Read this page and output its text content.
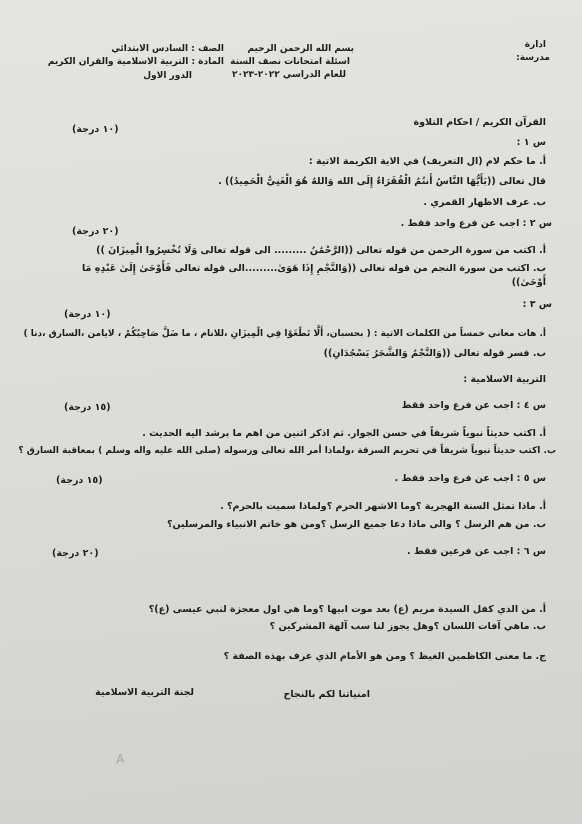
ادارة
مدرسة:
بسم الله الرحمن الرحيم
اسئلة امتحانات نصف السنة
للعام الدراسي ٢٠٢٢-٢٠٢٣
الصف : السادس الابتدائي
المادة : التربية الاسلامية والقران الكريم
الدور الاول
القرآن الكريم / احكام التلاوة
(١٠ درجة)
س ١ :
أ. ما حكم لام (ال التعريف) في الاية الكريمة الاتية :
قال تعالى ((يَأَيُّهَا النَّاسُ أَنتُمُ الْفُقَرَاءُ إِلَى الله وَاللهُ هُوَ الْغَنِيُّ الْحَمِيدُ)) .
ب. عرف الاظهار القمري .
س ٢ : اجب عن فرع واحد فقط .
(٢٠ درجة)
أ. اكتب من سورة الرحمن من قوله تعالى ((الرَّحْمَٰنُ ......... الى قوله تعالى وَلَا تُخْسِرُوا الْمِيزَانَ ))
ب. اكتب من سورة النجم من قوله تعالى ((وَالنَّجْمِ إِذَا هَوَىٰ.........الى قوله تعالى فَأَوْحَىٰ إِلَىٰ عَبْدِهِ مَا
أَوْحَىٰ))
س ٣ :
(١٠ درجة)
أ. هات معاني خمساً من الكلمات الاتية : ( بحسبان، أَلَّا تَطْغَوْا فِي الْمِيزَانِ ،للانام ، ما ضَلَّ صَاحِبُكُمْ ، لايامن ،السارق ،دنا )
ب. فسر قوله تعالى ((وَالنَّجْمُ وَالشَّجَرُ يَسْجُدَانِ))
التربية الاسلامية :
س ٤ : اجب عن فرع واحد فقط
(١٥ درجة)
أ. اكتب حديثاً نبوياً شريفاً في حسن الجوار. ثم اذكر اثنين من اهم ما يرشد اليه الحديث .
ب. اكتب حديثاً نبوياً شريفاً في تحريم السرقة ،ولماذا أمر الله تعالى ورسوله (صلى الله عليه واله وسلم ) بمعاقبة السارق ؟
س ٥ : اجب عن فرع واحد فقط .
(١٥ درجة)
أ. ماذا تمثل السنة الهجرية ؟وما الاشهر الحرم ؟ولماذا سميت بالحرم؟ .
ب. من هم الرسل ؟ والى ماذا دعا جميع الرسل ؟ومن هو خاتم الانبياء والمرسلين؟
س ٦ : اجب عن فرعين فقط .
(٢٠ درجة)
أ. من الذي كفل السيدة مريم (ع) بعد موت ابيها ؟وما هي اول معجزة لنبي عيسى (ع)؟
ب. ماهي آفات اللسان ؟وهل يجوز لنا سب آلهة المشركين ؟
ج. ما معنى الكاظمين الغيظ ؟ ومن هو الأمام الذي عرف بهذه الصفة ؟
امنياتنا لكم بالنجاح
لجنة التربية الاسلامية
A
